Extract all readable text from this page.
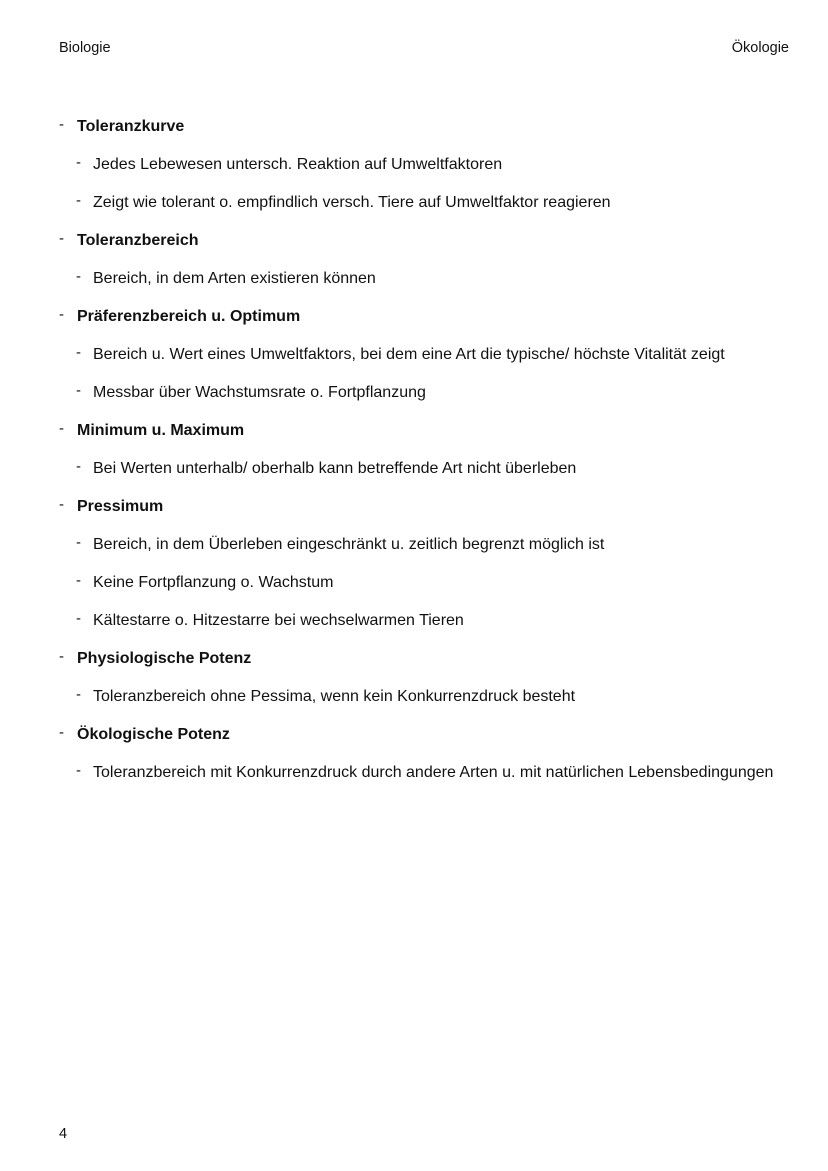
Biologie	Ökologie
- Toleranzkurve
- Jedes Lebewesen untersch. Reaktion auf Umweltfaktoren
- Zeigt wie tolerant o. empfindlich versch. Tiere auf Umweltfaktor reagieren
- Toleranzbereich
- Bereich, in dem Arten existieren können
- Präferenzbereich u. Optimum
- Bereich u. Wert eines Umweltfaktors, bei dem eine Art die typische/ höchste Vitalität zeigt
- Messbar über Wachstumsrate o. Fortpflanzung
- Minimum u. Maximum
- Bei Werten unterhalb/ oberhalb kann betreffende Art nicht überleben
- Pressimum
- Bereich, in dem Überleben eingeschränkt u. zeitlich begrenzt möglich ist
- Keine Fortpflanzung o. Wachstum
- Kältestarre o. Hitzestarre bei wechselwarmen Tieren
- Physiologische Potenz
- Toleranzbereich ohne Pessima, wenn kein Konkurrenzdruck besteht
- Ökologische Potenz
- Toleranzbereich mit Konkurrenzdruck durch andere Arten u. mit natürlichen Lebensbedingungen
4
